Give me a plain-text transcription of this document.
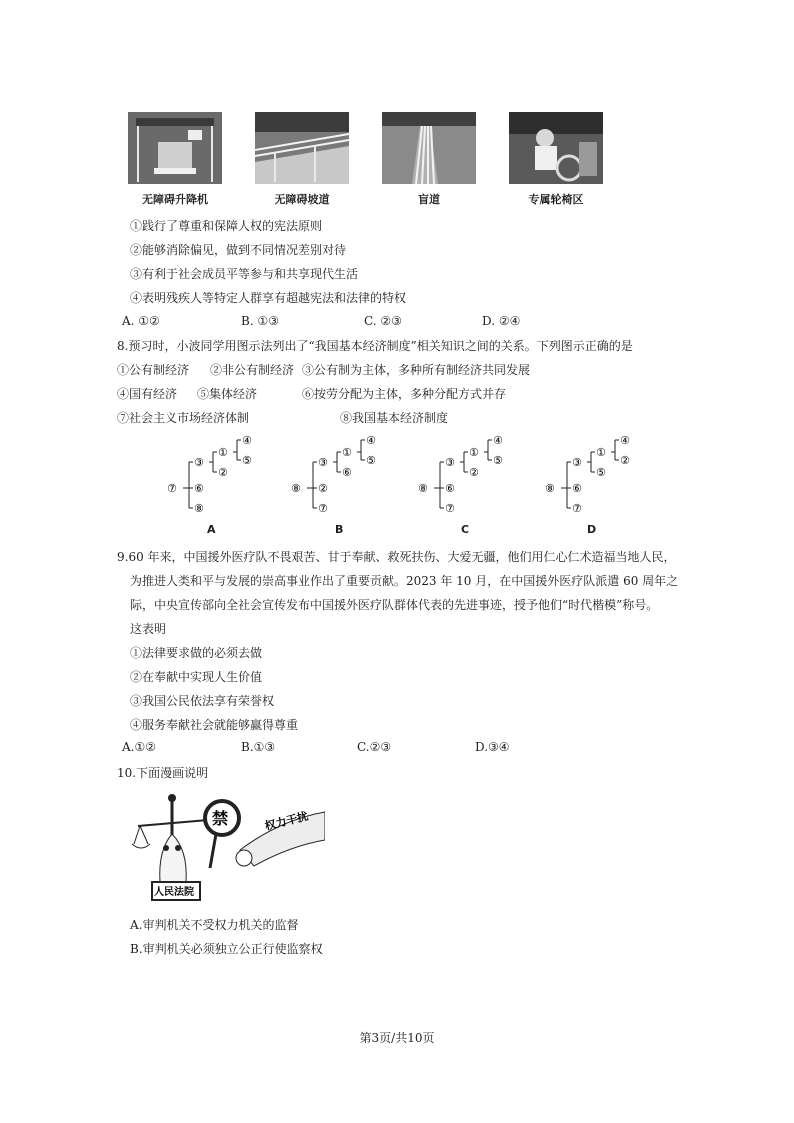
无障碍升降机	无障碍坡道	盲道	专属轮椅区
①践行了尊重和保障人权的宪法原则
②能够消除偏见，做到不同情况差别对待
③有利于社会成员平等参与和共享现代生活
④表明残疾人等特定人群享有超越宪法和法律的特权
A. ①②	B. ①③	C. ②③	D. ②④
8.预习时，小波同学用图示法列出了“我国基本经济制度”相关知识之间的关系。下列图示正确的是
①公有制经济 ②非公有制经济 ③公有制为主体，多种所有制经济共同发展
④国有经济 ⑤集体经济	⑥按劳分配为主体，多种分配方式并存
⑦社会主义市场经济体制	⑧我国基本经济制度
⑦
③
⑥
⑧
①
②
④
⑤
⑧
③
②
⑦
①
⑥
④
⑤
⑧
③
⑥
⑦
①
②
④
⑤
⑧
③
⑥
⑦
①
⑤
④
②
A	B	C	D
9.60 年来，中国援外医疗队不畏艰苦、甘于奉献、救死扶伤、大爱无疆，他们用仁心仁术造福当地人民，
为推进人类和平与发展的崇高事业作出了重要贡献。2023 年 10 月，在中国援外医疗队派遣 60 周年之
际，中央宣传部向全社会宣传发布中国援外医疗队群体代表的先进事迹，授予他们“时代楷模”称号。
这表明
①法律要求做的必须去做
②在奉献中实现人生价值
③我国公民依法享有荣誉权
④服务奉献社会就能够赢得尊重
A.①②	B.①③	C.②③	D.③④
10.下面漫画说明
禁	权力干扰
人民法院
A.审判机关不受权力机关的监督
B.审判机关必须独立公正行使监察权
第3页/共10页
